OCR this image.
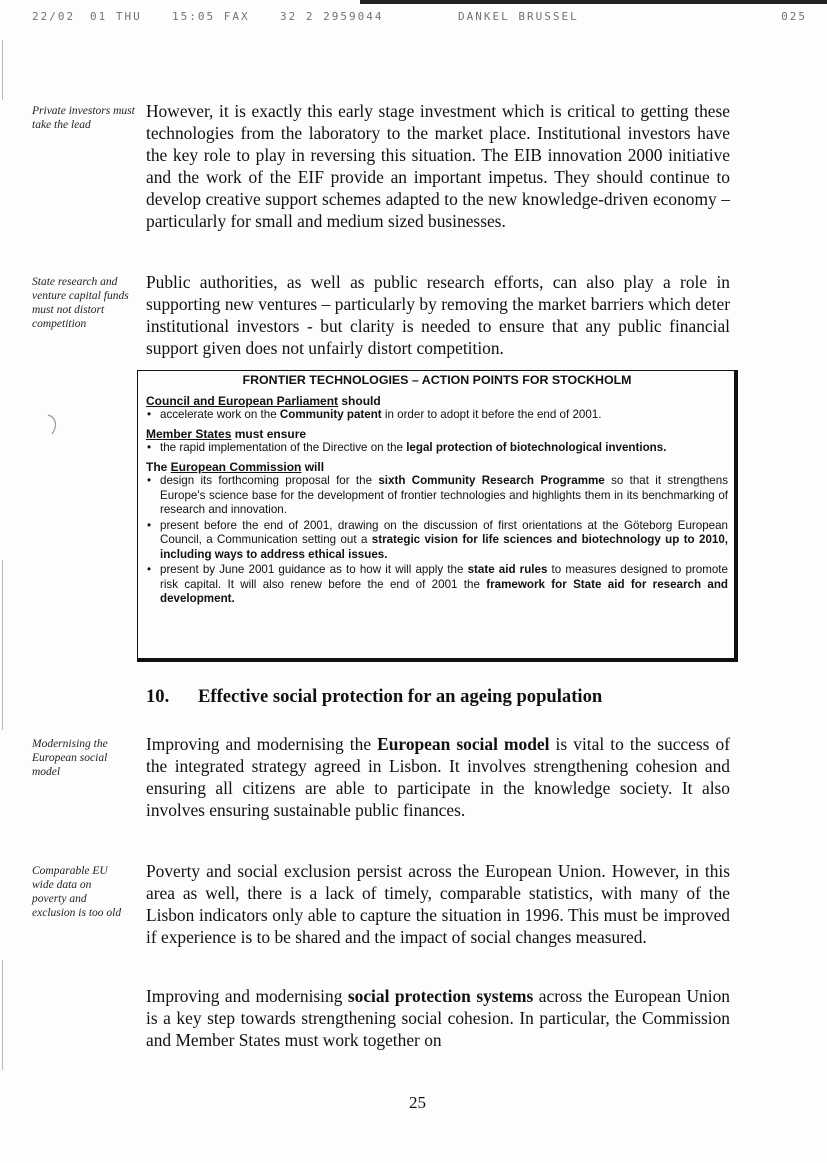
22/02 01 THU	15:05 FAX	32 2 2959044	DANKEL BRUSSEL	025
Private investors must take the lead
State research and venture capital funds must not distort competition
Modernising the European social model
Comparable EU wide data on poverty and exclusion is too old
However, it is exactly this early stage investment which is critical to getting these technologies from the laboratory to the market place. Institutional investors have the key role to play in reversing this situation. The EIB innovation 2000 initiative and the work of the EIF provide an important impetus. They should continue to develop creative support schemes adapted to the new knowledge-driven economy – particularly for small and medium sized businesses.
Public authorities, as well as public research efforts, can also play a role in supporting new ventures – particularly by removing the market barriers which deter institutional investors - but clarity is needed to ensure that any public financial support given does not unfairly distort competition.
FRONTIER TECHNOLOGIES – ACTION POINTS FOR STOCKHOLM
Council and European Parliament should
• accelerate work on the Community patent in order to adopt it before the end of 2001.
Member States must ensure
• the rapid implementation of the Directive on the legal protection of biotechnological inventions.
The European Commission will
• design its forthcoming proposal for the sixth Community Research Programme so that it strengthens Europe's science base for the development of frontier technologies and highlights them in its benchmarking of research and innovation.
• present before the end of 2001, drawing on the discussion of first orientations at the Göteborg European Council, a Communication setting out a strategic vision for life sciences and biotechnology up to 2010, including ways to address ethical issues.
• present by June 2001 guidance as to how it will apply the state aid rules to measures designed to promote risk capital. It will also renew before the end of 2001 the framework for State aid for research and development.
10. Effective social protection for an ageing population
Improving and modernising the European social model is vital to the success of the integrated strategy agreed in Lisbon. It involves strengthening cohesion and ensuring all citizens are able to participate in the knowledge society. It also involves ensuring sustainable public finances.
Poverty and social exclusion persist across the European Union. However, in this area as well, there is a lack of timely, comparable statistics, with many of the Lisbon indicators only able to capture the situation in 1996. This must be improved if experience is to be shared and the impact of social changes measured.
Improving and modernising social protection systems across the European Union is a key step towards strengthening social cohesion. In particular, the Commission and Member States must work together on
25
